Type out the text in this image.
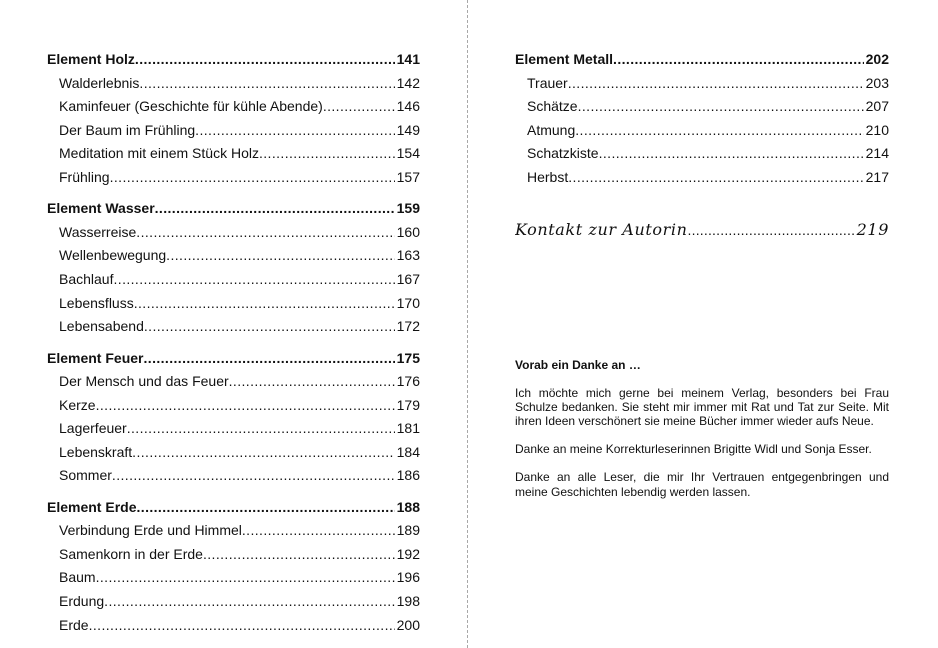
Element Holz .....	141
Walderlebnis .....	142
Kaminfeuer (Geschichte für kühle Abende) .....	146
Der Baum im Frühling .....	149
Meditation mit einem Stück Holz .....	154
Frühling .....	157
Element Wasser .....	159
Wasserreise .....	160
Wellenbewegung .....	163
Bachlauf .....	167
Lebensfluss .....	170
Lebensabend .....	172
Element Feuer .....	175
Der Mensch und das Feuer .....	176
Kerze .....	179
Lagerfeuer .....	181
Lebenskraft .....	184
Sommer .....	186
Element Erde .....	188
Verbindung Erde und Himmel .....	189
Samenkorn in der Erde .....	192
Baum .....	196
Erdung .....	198
Erde .....	200
Element Metall .....	202
Trauer .....	203
Schätze .....	207
Atmung .....	210
Schatzkiste .....	214
Herbst .....	217
Kontakt zur Autorin .....	219
Vorab ein Danke an …

Ich möchte mich gerne bei meinem Verlag, besonders bei Frau Schulze bedanken. Sie steht mir immer mit Rat und Tat zur Seite. Mit ihren Ideen verschönert sie meine Bücher immer wieder aufs Neue.

Danke an meine Korrekturleserinnen Brigitte Widl und Sonja Esser.

Danke an alle Leser, die mir Ihr Vertrauen entgegenbringen und meine Geschichten lebendig werden lassen.
